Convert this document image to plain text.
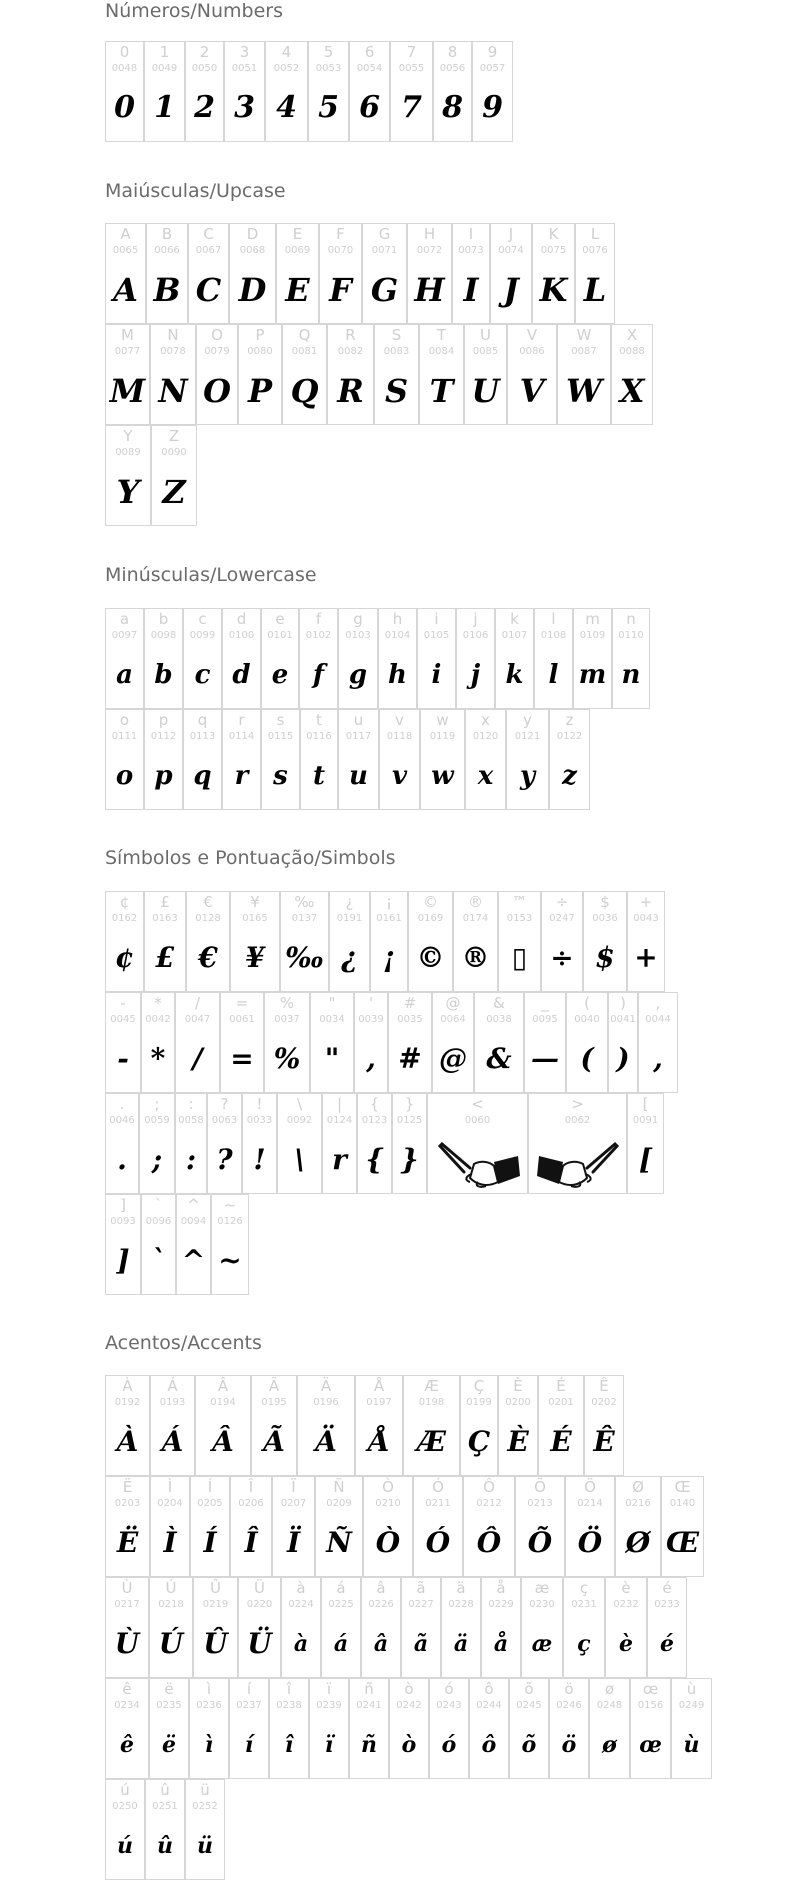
Números/Numbers
0
0048
0
1
0049
1
2
0050
2
3
0051
3
4
0052
4
5
0053
5
6
0054
6
7
0055
7
8
0056
8
9
0057
9
Maiúsculas/Upcase
A
0065
A
B
0066
B
C
0067
C
D
0068
D
E
0069
E
F
0070
F
G
0071
G
H
0072
H
I
0073
I
J
0074
J
K
0075
K
L
0076
L
M
0077
M
N
0078
N
O
0079
O
P
0080
P
Q
0081
Q
R
0082
R
S
0083
S
T
0084
T
U
0085
U
V
0086
V
W
0087
W
X
0088
X
Y
0089
Y
Z
0090
Z
Minúsculas/Lowercase
a
0097
a
b
0098
b
c
0099
c
d
0100
d
e
0101
e
f
0102
f
g
0103
g
h
0104
h
i
0105
i
j
0106
j
k
0107
k
l
0108
l
m
0109
m
n
0110
n
o
0111
o
p
0112
p
q
0113
q
r
0114
r
s
0115
s
t
0116
t
u
0117
u
v
0118
v
w
0119
w
x
0120
x
y
0121
y
z
0122
z
Símbolos e Pontuação/Simbols
¢
0162
¢
£
0163
£
€
0128
€
¥
0165
¥
‰
0137
‰
¿
0191
¿
¡
0161
¡
©
0169
©
®
0174
®
™
0153
▯
÷
0247
÷
$
0036
$
+
0043
+
-
0045
-
*
0042
*
/
0047
/
=
0061
=
%
0037
%
"
0034
"
'
0039
,
#
0035
#
@
0064
@
&
0038
&
_
0095
—
(
0040
(
)
0041
)
,
0044
,
.
0046
.
;
0059
;
:
0058
:
?
0063
?
!
0033
!
\
0092
\
|
0124
r
{
0123
{
}
0125
}
<
0060
>
0062
[
0091
[
]
0093
]
`
0096
`
^
0094
^
~
0126
~
Acentos/Accents
À
0192
À
Á
0193
Á
Â
0194
Â
Ã
0195
Ã
Ä
0196
Ä
Å
0197
Å
Æ
0198
Æ
Ç
0199
Ç
È
0200
È
É
0201
É
Ê
0202
Ê
Ë
0203
Ë
Ì
0204
Ì
Í
0205
Í
Î
0206
Î
Ï
0207
Ï
Ñ
0209
Ñ
Ò
0210
Ò
Ó
0211
Ó
Ô
0212
Ô
Õ
0213
Õ
Ö
0214
Ö
Ø
0216
Ø
Œ
0140
Œ
Ù
0217
Ù
Ú
0218
Ú
Û
0219
Û
Ü
0220
Ü
à
0224
à
á
0225
á
â
0226
â
ã
0227
ã
ä
0228
ä
å
0229
å
æ
0230
æ
ç
0231
ç
è
0232
è
é
0233
é
ê
0234
ê
ë
0235
ë
ì
0236
ì
í
0237
í
î
0238
î
ï
0239
ï
ñ
0241
ñ
ò
0242
ò
ó
0243
ó
ô
0244
ô
õ
0245
õ
ö
0246
ö
ø
0248
ø
œ
0156
œ
ù
0249
ù
ú
0250
ú
û
0251
û
ü
0252
ü
